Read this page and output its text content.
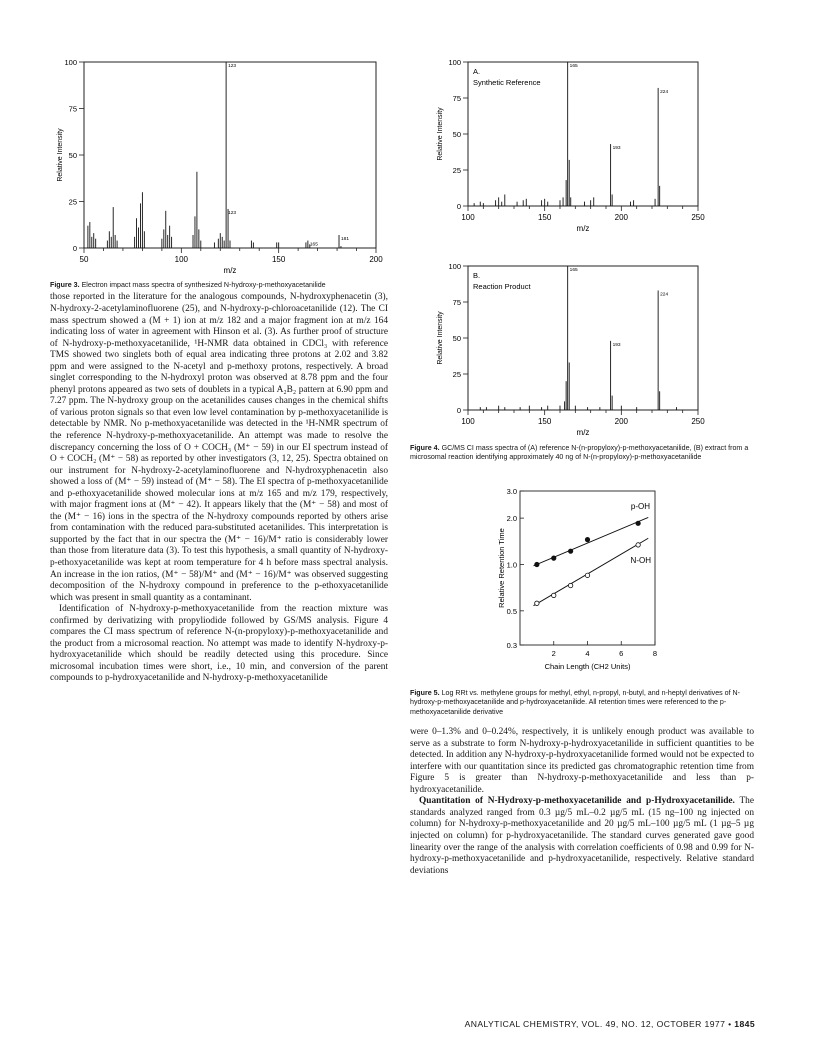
50	100	150	200
0
25
50
75
100	123
123
165
181
Relative Intensity
m/z

Figure 3. Electron impact mass spectra of synthesized N-hydroxy-p-methoxyacetanilide

those reported in the literature for the analogous compounds, N-hydroxyphenacetin (3), N-hydroxy-2-acetylaminofluorene (25), and N-hydroxy-p-chloroacetanilide (12). The CI mass spectrum showed a (M + 1) ion at m/z 182 and a major fragment ion at m/z 164 indicating loss of water in agreement with Hinson et al. (3). As further proof of structure of N-hydroxy-p-methoxyacetanilide, ¹H-NMR data obtained in CDCl₃ with reference TMS showed two singlets both of equal area indicating three protons at 2.02 and 3.82 ppm and were assigned to the N-acetyl and p-methoxy protons, respectively. A broad singlet corresponding to the N-hydroxyl proton was observed at 8.78 ppm and the four phenyl protons appeared as two sets of doublets in a typical A₂B₂ pattern at 6.90 ppm and 7.27 ppm. The N-hydroxy group on the acetanilides causes changes in the chemical shifts of various proton signals so that even low level contamination by p-methoxyacetanilide is detectable by NMR. No p-methoxyacetanilide was detected in the ¹H-NMR spectrum of the reference N-hydroxy-p-methoxyacetanilide. An attempt was made to resolve the discrepancy concerning the loss of O + COCH₃ (M⁺ − 59) in our EI spectrum instead of O + COCH₂ (M⁺ − 58) as reported by other investigators (3, 12, 25). Spectra obtained on our instrument for N-hydroxy-2-acetylaminofluorene and N-hydroxyphenacetin also showed a loss of (M⁺ − 59) instead of (M⁺ − 58). The EI spectra of p-methoxyacetanilide and p-ethoxyacetanilide showed molecular ions at m/z 165 and m/z 179, respectively, with major fragment ions at (M⁺ − 42). It appears likely that the (M⁺ − 58) and most of the (M⁺ − 16) ions in the spectra of the N-hydroxy compounds reported by others arise from contamination with the reduced para-substituted acetanilides. This interpretation is supported by the fact that in our spectra the (M⁺ − 16)/M⁺ ratio is considerably lower than those from literature data (3). To test this hypothesis, a small quantity of N-hydroxy-p-ethoxyacetanilide was kept at room temperature for 4 h before mass spectral analysis. An increase in the ion ratios, (M⁺ − 58)/M⁺ and (M⁺ − 16)/M⁺ was observed suggesting decomposition of the N-hydroxy compound in preference to the p-ethoxyacetanilide which was present in small quantity as a contaminant.

Identification of N-hydroxy-p-methoxyacetanilide from the reaction mixture was confirmed by derivatizing with propyliodide followed by GS/MS analysis. Figure 4 compares the CI mass spectrum of reference N-(n-propyloxy)-p-methoxyacetanilide and the product from a microsomal reaction. No attempt was made to identify N-hydroxy-p-hydroxyacetanilide which should be readily detected using this procedure. Since microsomal incubation times were short, i.e., 10 min, and conversion of the parent compounds to p-hydroxyacetanilide and N-hydroxy-p-methoxyacetanilide

100	150	200	250
0
25
50
75
100	165
193
224
Relative Intensity
m/z
A.
Synthetic Reference
100	150	200	250
0
25
50
75
100	165
193
224
Relative Intensity
m/z
B.
Reaction Product

Figure 4. GC/MS CI mass spectra of (A) reference N-(n-propyloxy)-p-methoxyacetanilide, (B) extract from a microsomal reaction identifying approximately 40 ng of N-(n-propyloxy)-p-methoxyacetanilide

2	4	6	8
0.3
0.5
1.0
2.0
3.0
p-OH
N-OH
Relative Retention Time
Chain Length (CH2 Units)

Figure 5. Log RRt vs. methylene groups for methyl, ethyl, n-propyl, n-butyl, and n-heptyl derivatives of N-hydroxy-p-methoxyacetanilide and p-hydroxyacetanilide. All retention times were referenced to the p-methoxyacetanilide derivative

were 0–1.3% and 0–0.24%, respectively, it is unlikely enough product was available to serve as a substrate to form N-hydroxy-p-hydroxyacetanilide in sufficient quantities to be detected. In addition any N-hydroxy-p-hydroxyacetanilide formed would not be expected to interfere with our quantitation since its predicted gas chromatographic retention time from Figure 5 is greater than N-hydroxy-p-methoxyacetanilide and less than p-hydroxyacetanilide.

Quantitation of N-Hydroxy-p-methoxyacetanilide and p-Hydroxyacetanilide. The standards analyzed ranged from 0.3 µg/5 mL–0.2 µg/5 mL (15 ng–100 ng injected on column) for N-hydroxy-p-methoxyacetanilide and 20 µg/5 mL–100 µg/5 mL (1 µg–5 µg injected on column) for p-hydroxyacetanilide. The standard curves generated gave good linearity over the range of the analysis with correlation coefficients of 0.98 and 0.99 for N-hydroxy-p-methoxyacetanilide and p-hydroxyacetanilide, respectively. Relative standard deviations

ANALYTICAL CHEMISTRY, VOL. 49, NO. 12, OCTOBER 1977 • 1845
